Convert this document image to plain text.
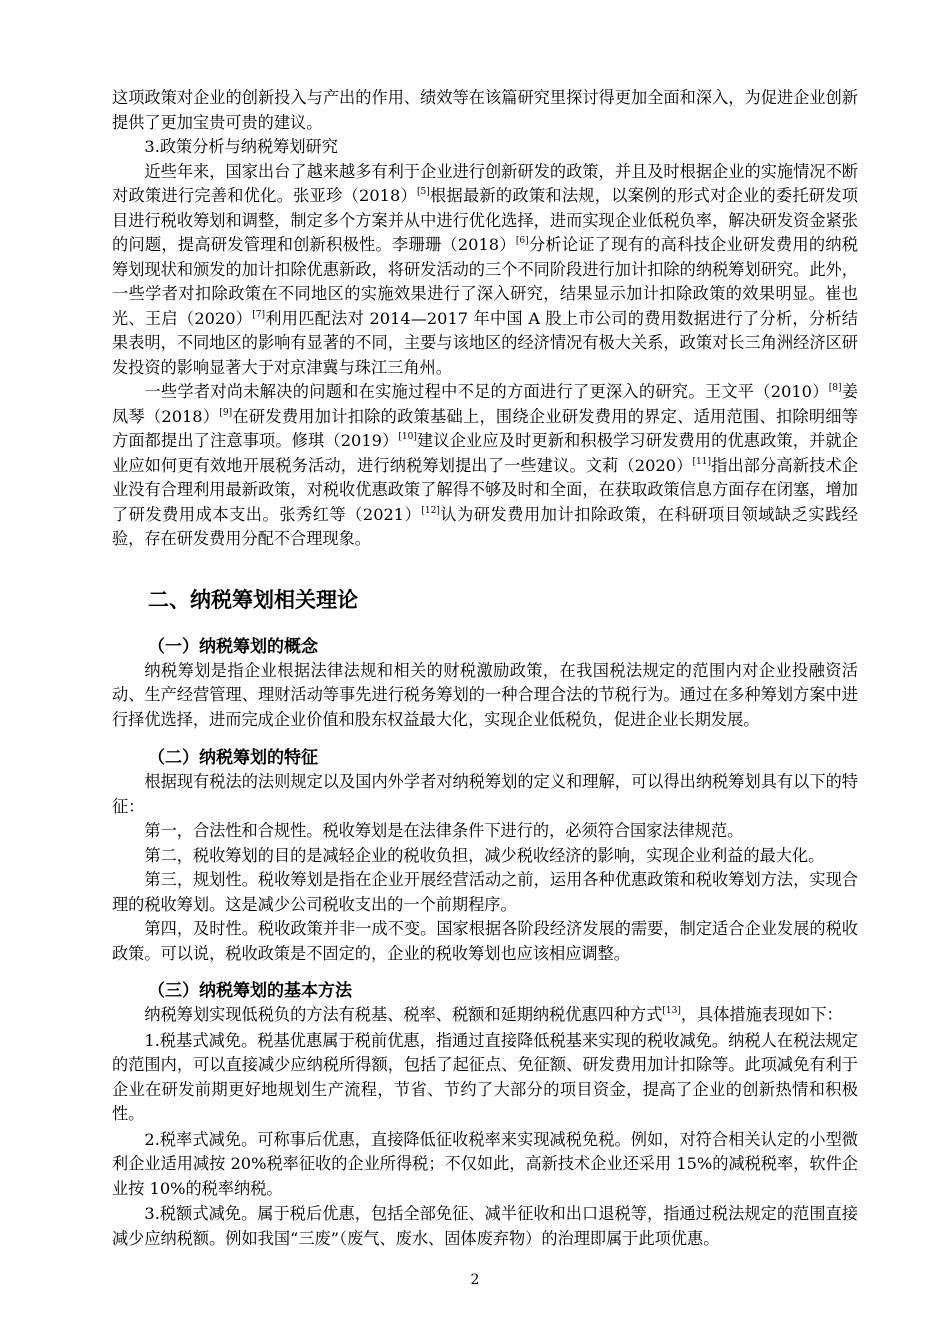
这项政策对企业的创新投入与产出的作用、绩效等在该篇研究里探讨得更加全面和深入，为促进企业创新提供了更加宝贵可贵的建议。

3.政策分析与纳税筹划研究

近些年来，国家出台了越来越多有利于企业进行创新研发的政策，并且及时根据企业的实施情况不断对政策进行完善和优化。张亚珍（2018）[5]根据最新的政策和法规，以案例的形式对企业的委托研发项目进行税收筹划和调整，制定多个方案并从中进行优化选择，进而实现企业低税负率，解决研发资金紧张的问题，提高研发管理和创新积极性。李珊珊（2018）[6]分析论证了现有的高科技企业研发费用的纳税筹划现状和颁发的加计扣除优惠新政，将研发活动的三个不同阶段进行加计扣除的纳税筹划研究。此外，一些学者对扣除政策在不同地区的实施效果进行了深入研究，结果显示加计扣除政策的效果明显。崔也光、王启（2020）[7]利用匹配法对 2014—2017 年中国 A 股上市公司的费用数据进行了分析，分析结果表明，不同地区的影响有显著的不同，主要与该地区的经济情况有极大关系，政策对长三角洲经济区研发投资的影响显著大于对京津冀与珠江三角州。

一些学者对尚未解决的问题和在实施过程中不足的方面进行了更深入的研究。王文平（2010）[8]姜凤琴（2018）[9]在研发费用加计扣除的政策基础上，围绕企业研发费用的界定、适用范围、扣除明细等方面都提出了注意事项。修琪（2019）[10]建议企业应及时更新和积极学习研发费用的优惠政策，并就企业应如何更有效地开展税务活动，进行纳税筹划提出了一些建议。文莉（2020）[11]指出部分高新技术企业没有合理利用最新政策，对税收优惠政策了解得不够及时和全面，在获取政策信息方面存在闭塞，增加了研发费用成本支出。张秀红等（2021）[12]认为研发费用加计扣除政策，在科研项目领域缺乏实践经验，存在研发费用分配不合理现象。

二、纳税筹划相关理论
（一）纳税筹划的概念

纳税筹划是指企业根据法律法规和相关的财税激励政策，在我国税法规定的范围内对企业投融资活动、生产经营管理、理财活动等事先进行税务筹划的一种合理合法的节税行为。通过在多种筹划方案中进行择优选择，进而完成企业价值和股东权益最大化，实现企业低税负，促进企业长期发展。

（二）纳税筹划的特征

根据现有税法的法则规定以及国内外学者对纳税筹划的定义和理解，可以得出纳税筹划具有以下的特征：

第一，合法性和合规性。税收筹划是在法律条件下进行的，必须符合国家法律规范。

第二，税收筹划的目的是减轻企业的税收负担，减少税收经济的影响，实现企业利益的最大化。

第三，规划性。税收筹划是指在企业开展经营活动之前，运用各种优惠政策和税收筹划方法，实现合理的税收筹划。这是减少公司税收支出的一个前期程序。

第四，及时性。税收政策并非一成不变。国家根据各阶段经济发展的需要，制定适合企业发展的税收政策。可以说，税收政策是不固定的，企业的税收筹划也应该相应调整。

（三）纳税筹划的基本方法

纳税筹划实现低税负的方法有税基、税率、税额和延期纳税优惠四种方式[13]，具体措施表现如下：

1.税基式减免。税基优惠属于税前优惠，指通过直接降低税基来实现的税收减免。纳税人在税法规定的范围内，可以直接减少应纳税所得额，包括了起征点、免征额、研发费用加计扣除等。此项减免有利于企业在研发前期更好地规划生产流程，节省、节约了大部分的项目资金，提高了企业的创新热情和积极性。

2.税率式减免。可称事后优惠，直接降低征收税率来实现减税免税。例如，对符合相关认定的小型微利企业适用减按 20%税率征收的企业所得税；不仅如此，高新技术企业还采用 15%的减税税率，软件企业按 10%的税率纳税。

3.税额式减免。属于税后优惠，包括全部免征、减半征收和出口退税等，指通过税法规定的范围直接减少应纳税额。例如我国“三废”（废气、废水、固体废弃物）的治理即属于此项优惠。

2
